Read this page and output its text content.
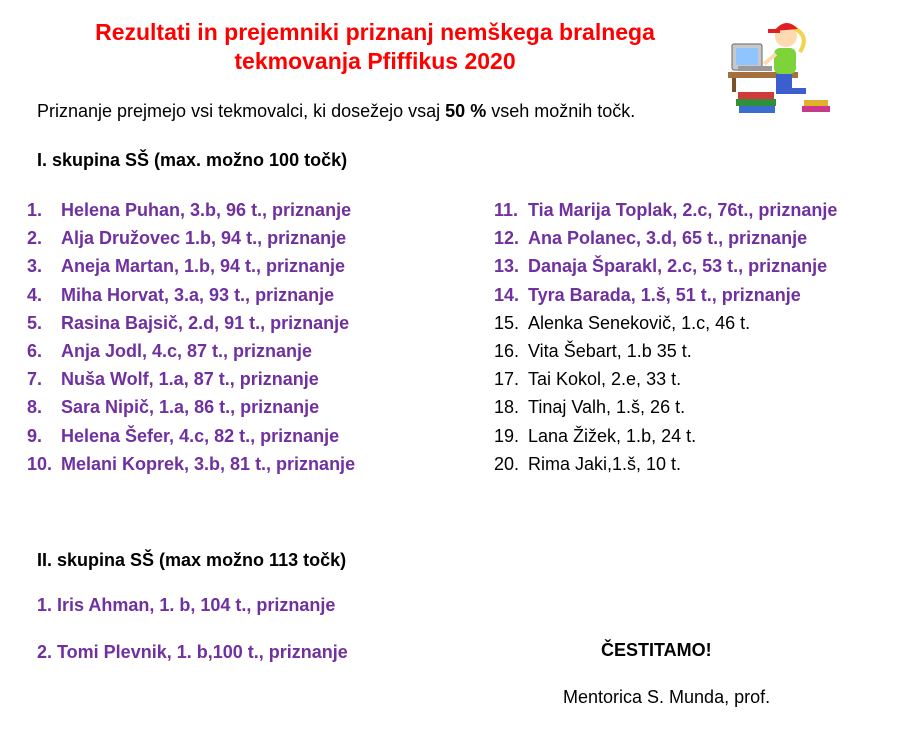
Rezultati in prejemniki priznanj nemškega bralnega
tekmovanja Pfiffikus 2020
Priznanje prejmejo vsi tekmovalci, ki dosežejo vsaj 50 % vseh možnih točk.
I. skupina SŠ (max. možno 100 točk)
1.	Helena Puhan, 3.b, 96 t., priznanje
2.	Alja Družovec 1.b, 94 t., priznanje
3.	Aneja Martan, 1.b, 94 t., priznanje
4.	Miha Horvat, 3.a, 93 t., priznanje
5.	Rasina Bajsič, 2.d, 91 t., priznanje
6.	Anja Jodl, 4.c, 87 t., priznanje
7.	Nuša Wolf, 1.a, 87 t., priznanje
8.	Sara Nipič, 1.a, 86 t., priznanje
9.	Helena Šefer, 4.c, 82 t., priznanje
10. Melani Koprek, 3.b, 81 t., priznanje
11. Tia Marija Toplak, 2.c, 76t., priznanje
12. Ana Polanec, 3.d, 65 t., priznanje
13. Danaja Šparakl, 2.c, 53 t., priznanje
14. Tyra Barada, 1.š, 51 t., priznanje
15. Alenka Senekovič, 1.c, 46 t.
16. Vita Šebart, 1.b 35 t.
17. Tai Kokol, 2.e, 33 t.
18. Tinaj Valh, 1.š, 26 t.
19. Lana Žižek, 1.b, 24 t.
20. Rima Jaki,1.š, 10 t.
II. skupina SŠ (max možno 113 točk)
1. Iris Ahman, 1. b, 104 t., priznanje
2. Tomi Plevnik, 1. b,100 t., priznanje	ČESTITAMO!
Mentorica S. Munda, prof.
